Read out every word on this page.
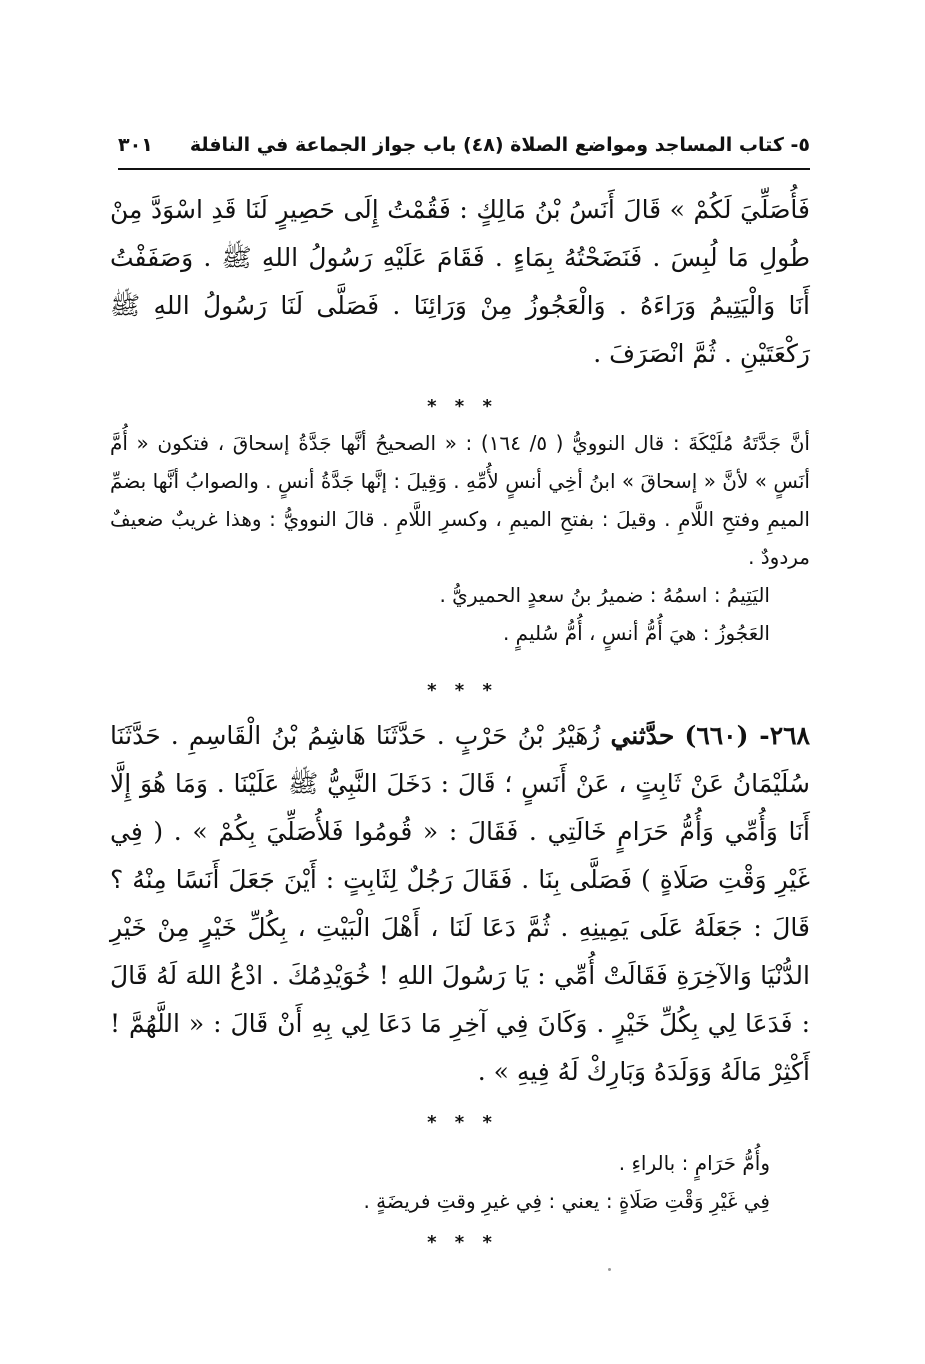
٥- كتاب المساجد ومواضع الصلاة (٤٨) باب جواز الجماعة في النافلة
٣٠١

فَأُصَلِّيَ لَكُمْ » قَالَ أَنَسُ بْنُ مَالِكٍ : فَقُمْتُ إِلَى حَصِيرٍ لَنَا قَدِ اسْوَدَّ مِنْ طُولِ مَا لُبِسَ . فَنَضَحْتُهُ بِمَاءٍ . فَقَامَ عَلَيْهِ رَسُولُ اللهِ ﷺ . وَصَفَفْتُ أَنَا وَالْيَتِيمُ وَرَاءَهُ . وَالْعَجُوزُ مِنْ وَرَائِنَا . فَصَلَّى لَنَا رَسُولُ اللهِ ﷺ رَكْعَتَيْنِ . ثُمَّ انْصَرَفَ .

* * *

أنَّ جَدَّتَهُ مُلَيْكَةَ : قال النوويُّ ( ٥/ ١٦٤) : « الصحيحُ أنَّها جَدَّةُ إسحاقَ ، فتكون « أُمَّ أنَسٍ » لأنَّ « إسحاقَ » ابنُ أخِي أنسٍ لأُمِّهِ . وَقِيلَ : إنَّها جَدَّةُ أنسٍ . والصوابُ أنَّها بضمِّ الميمِ وفتحِ اللَّامِ . وقيلَ : بفتحِ الميمِ ، وكسرِ اللَّامِ . قالَ النوويُّ : وهذا غريبٌ ضعيفٌ مردودٌ .

اليَتِيمُ : اسمُهُ : ضميرُ بنُ سعدٍ الحميريُّ .

العَجُوزُ : هيَ أُمُّ أنسٍ ، أُمُّ سُليمٍ .

* * *

٢٦٨- (٦٦٠) حدَّثني زُهَيْرُ بْنُ حَرْبٍ . حَدَّثَنَا هَاشِمُ بْنُ الْقَاسِمِ . حَدَّثَنَا سُلَيْمَانُ عَنْ ثَابِتٍ ، عَنْ أَنَسٍ ؛ قَالَ : دَخَلَ النَّبِيُّ ﷺ عَلَيْنَا . وَمَا هُوَ إِلَّا أَنَا وَأُمِّي وَأُمُّ حَرَامٍ خَالَتِي . فَقَالَ : « قُومُوا فَلأُصَلِّيَ بِكُمْ » . ( فِي غَيْرِ وَقْتِ صَلَاةٍ ) فَصَلَّى بِنَا . فَقَالَ رَجُلٌ لِثَابِتٍ : أَيْنَ جَعَلَ أَنَسًا مِنْهُ ؟ قَالَ : جَعَلَهُ عَلَى يَمِينِهِ . ثُمَّ دَعَا لَنَا ، أَهْلَ الْبَيْتِ ، بِكُلِّ خَيْرٍ مِنْ خَيْرِ الدُّنْيَا وَالآخِرَةِ فَقَالَتْ أُمِّي : يَا رَسُولَ اللهِ ! خُوَيْدِمُكَ . ادْعُ اللهَ لَهُ قَالَ : فَدَعَا لِي بِكُلِّ خَيْرٍ . وَكَانَ فِي آخِرِ مَا دَعَا لِي بِهِ أَنْ قَالَ : « اللَّهُمَّ ! أَكْثِرْ مَالَهُ وَوَلَدَهُ وَبَارِكْ لَهُ فِيهِ » .

* * *

وأُمُّ حَرَامٍ : بالراءِ .

فِي غَيْرِ وَقْتِ صَلَاةٍ : يعني : فِي غيرِ وقتِ فريضَةٍ .

* * *
